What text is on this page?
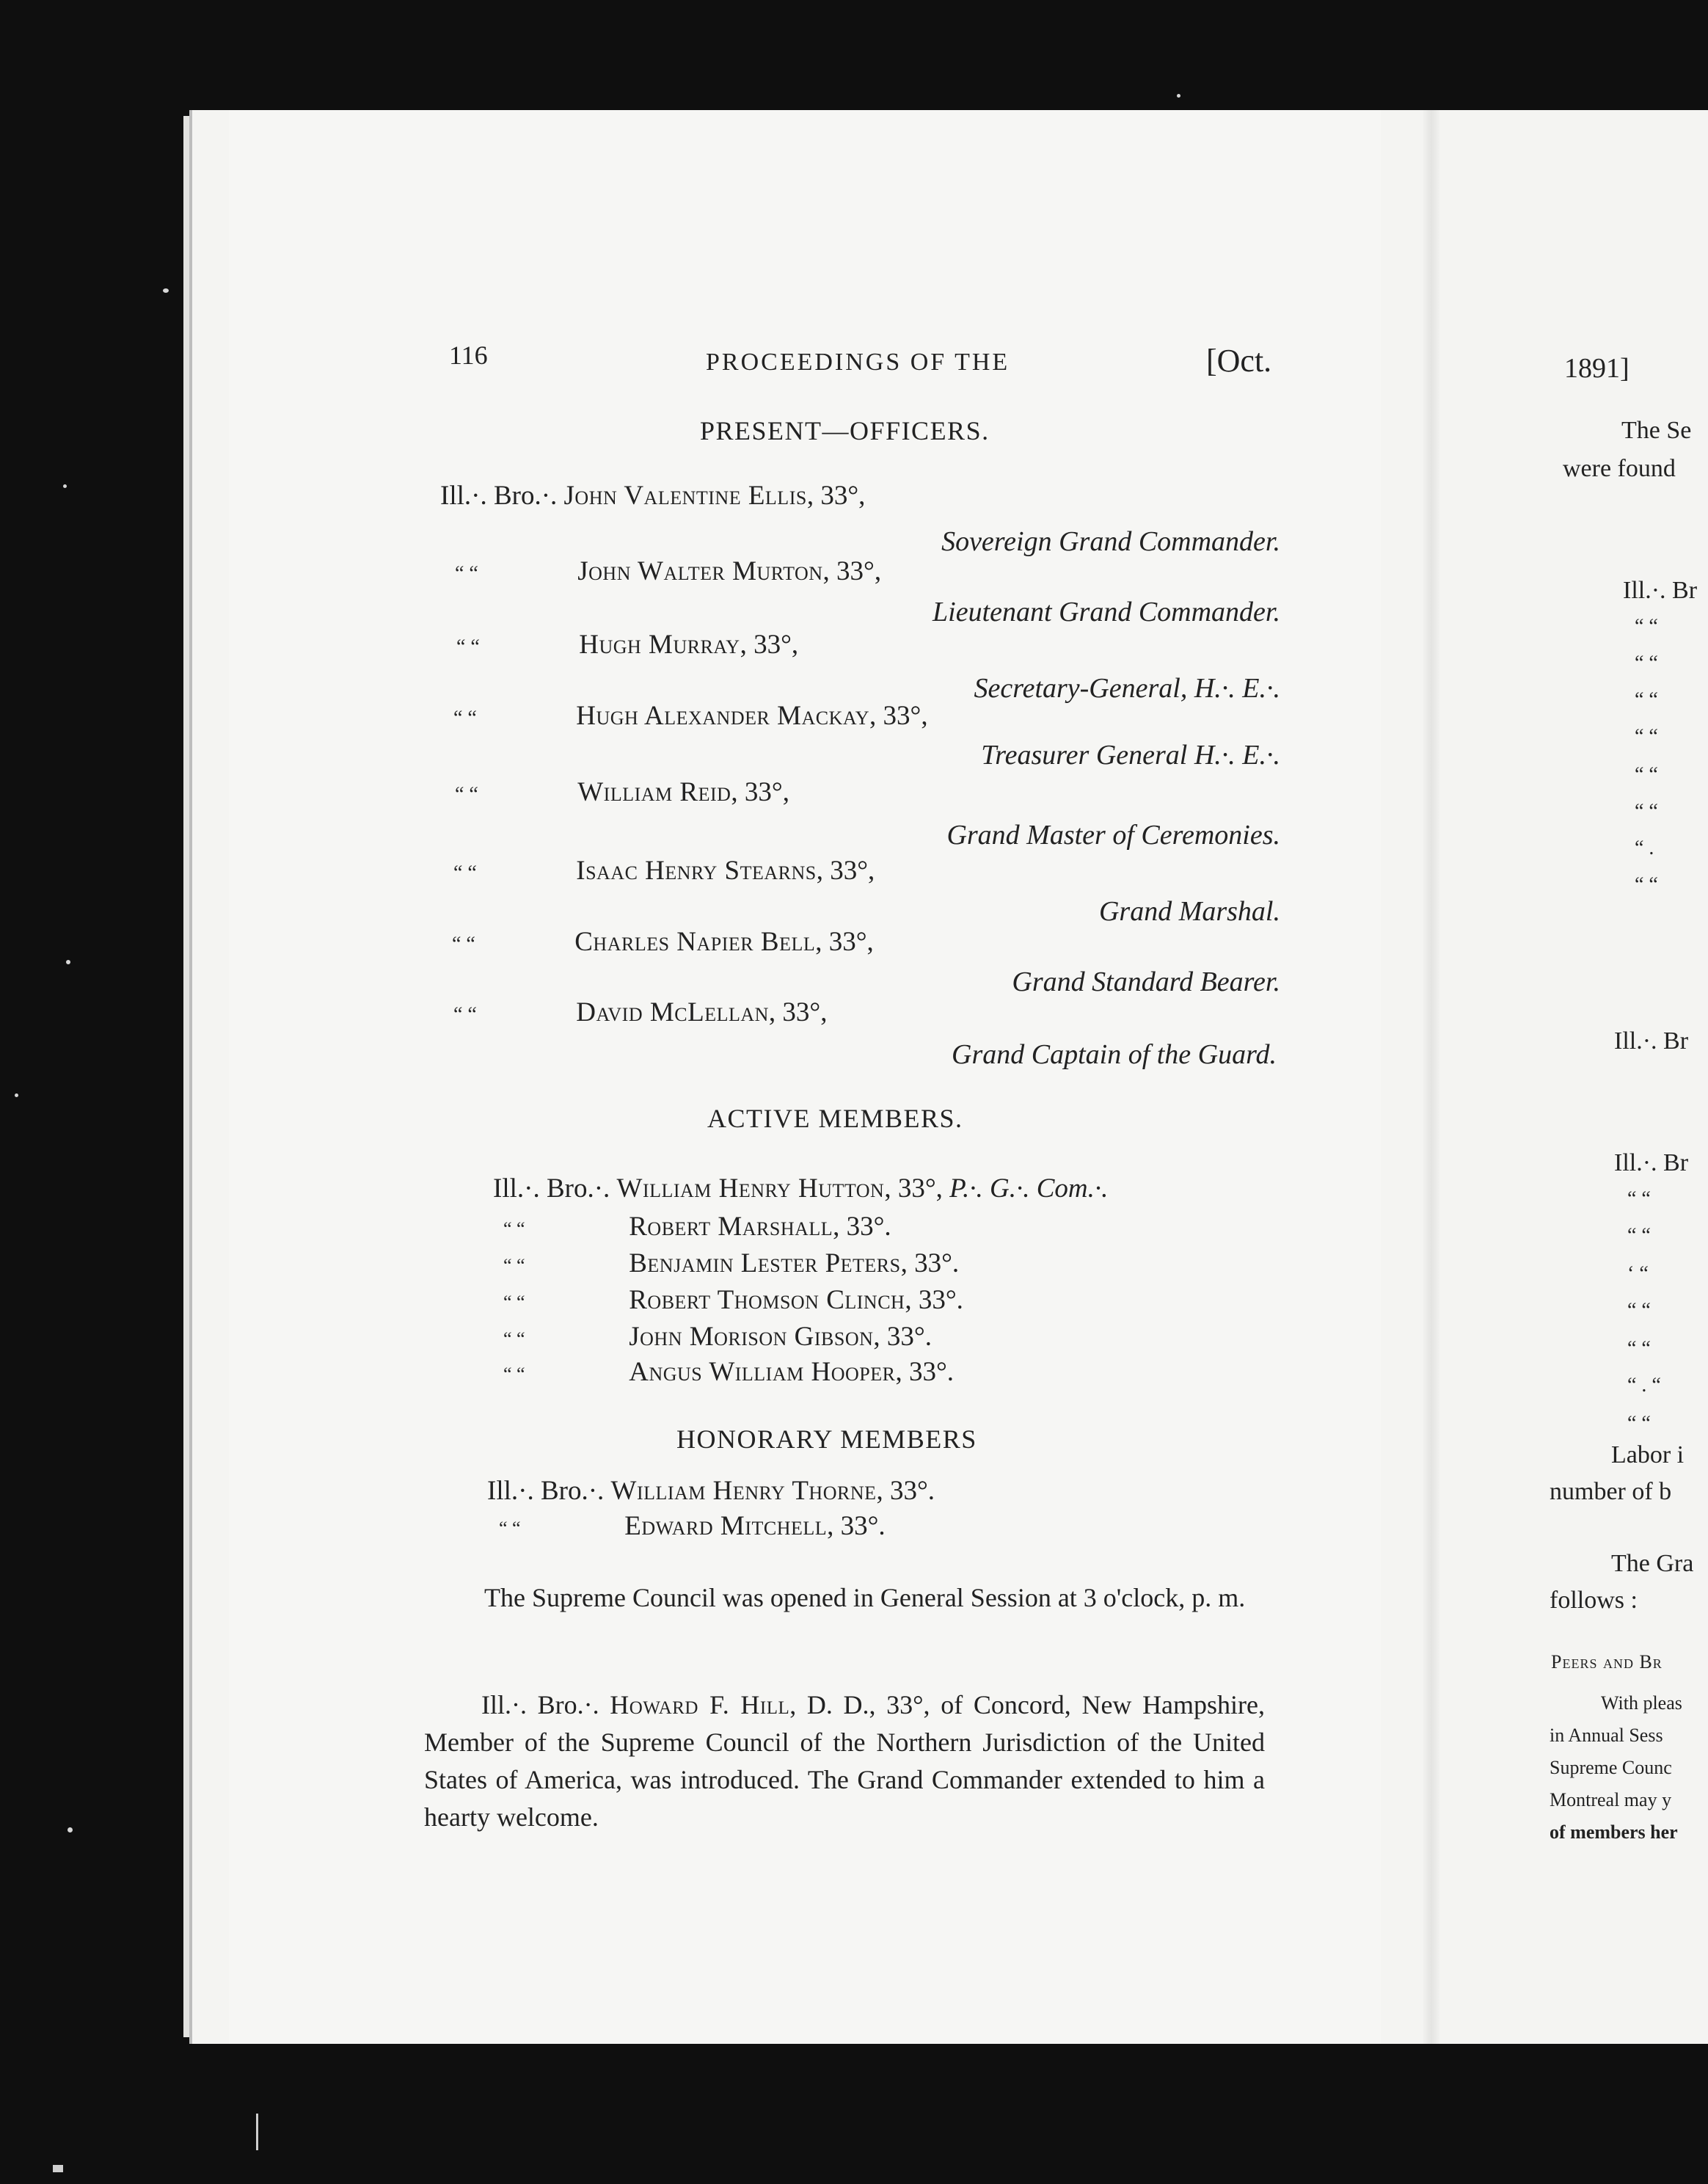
116	PROCEEDINGS OF THE	[Oct.
PRESENT—OFFICERS.
Ill.·. Bro.·. John Valentine Ellis, 33°,
Sovereign Grand Commander.
“ “	John Walter Murton, 33°,
Lieutenant Grand Commander.
“ “	Hugh Murray, 33°,
Secretary-General, H.·. E.·.
“ “	Hugh Alexander Mackay, 33°,
Treasurer General H.·. E.·.
“ “	William Reid, 33°,
Grand Master of Ceremonies.
“ “	Isaac Henry Stearns, 33°,
Grand Marshal.
“ “	Charles Napier Bell, 33°,
Grand Standard Bearer.
“ “	David McLellan, 33°,
Grand Captain of the Guard.
ACTIVE MEMBERS.
Ill.·. Bro.·. William Henry Hutton, 33°, P.·. G.·. Com.·.
“ “	Robert Marshall, 33°.
“ “	Benjamin Lester Peters, 33°.
“ “	Robert Thomson Clinch, 33°.
“ “	John Morison Gibson, 33°.
“ “	Angus William Hooper, 33°.
HONORARY MEMBERS
Ill.·. Bro.·. William Henry Thorne, 33°.
“ “	Edward Mitchell, 33°.
The Supreme Council was opened in General Session at 3 o'clock, p. m.
Ill.·. Bro.·. Howard F. Hill, D. D., 33°, of Concord, New Hampshire, Member of the Supreme Council of the Northern Jurisdiction of the United States of America, was introduced. The Grand Commander extended to him a hearty welcome.
1891]
The Se
were found
Ill.·. Br
“ “
“ “
“ “
“ “
“ “
“ “
“ .
“ “
Ill.·. Br
Ill.·. Br
“ “
“ “
‘ “
“ “
“ “
“ . “
“ “
Labor i
number of b
The Gra
follows :
Peers and Br
With pleas
in Annual Sess
Supreme Counc
Montreal may y
of members her
